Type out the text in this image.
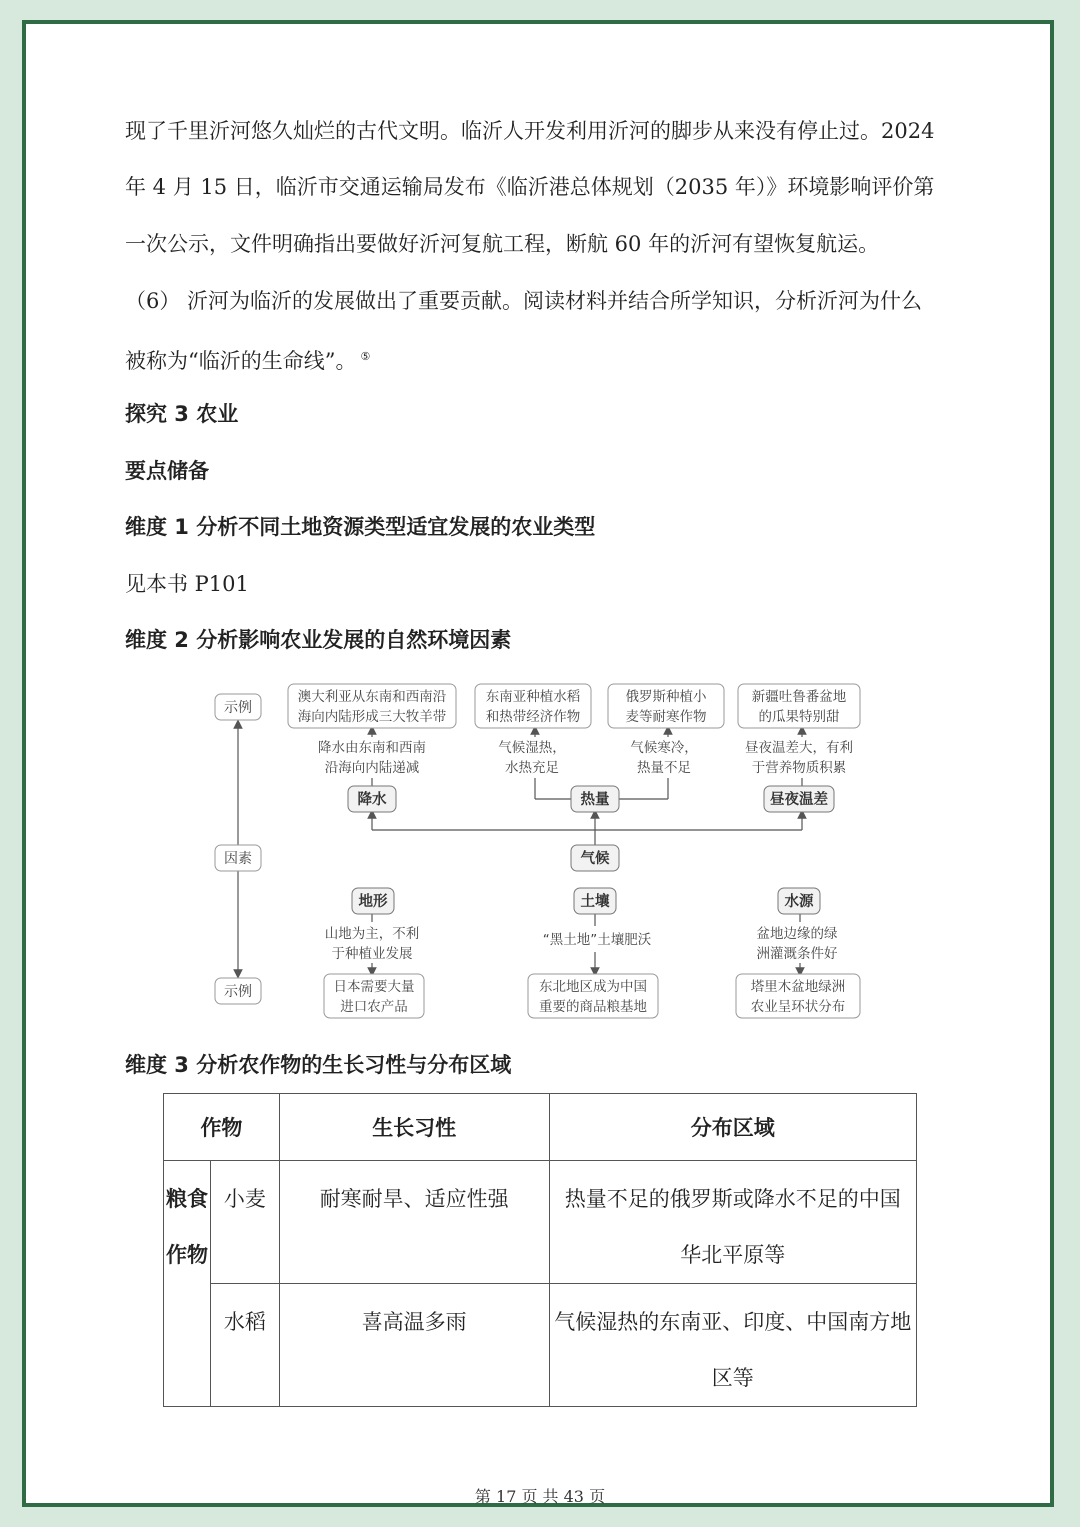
现了千里沂河悠久灿烂的古代文明。临沂人开发利用沂河的脚步从来没有停止过。2024
年 4 月 15 日，临沂市交通运输局发布《临沂港总体规划（2035 年）》环境影响评价第
一次公示，文件明确指出要做好沂河复航工程，断航 60 年的沂河有望恢复航运。
（6） 沂河为临沂的发展做出了重要贡献。阅读材料并结合所学知识，分析沂河为什么
被称为“临沂的生命线”。 ⑤
探究 3 农业
要点储备
维度 1 分析不同土地资源类型适宜发展的农业类型
见本书 P101
维度 2 分析影响农业发展的自然环境因素
示例
因素
示例
澳大利亚从东南和西南沿
海向内陆形成三大牧羊带
东南亚种植水稻
和热带经济作物
俄罗斯种植小
麦等耐寒作物
新疆吐鲁番盆地
的瓜果特别甜
降水由东南和西南
沿海向内陆递减
气候湿热，
水热充足
气候寒冷，
热量不足
昼夜温差大，有利
于营养物质积累
降水	热量	昼夜温差
气候
地形	土壤	水源
山地为主，不利
于种植业发展
“黑土地”土壤肥沃	盆地边缘的绿
洲灌溉条件好
日本需要大量
进口农产品
东北地区成为中国
重要的商品粮基地
塔里木盆地绿洲
农业呈环状分布
维度 3 分析农作物的生长习性与分布区域
作物		生长习性	分布区域

粮食
作物	小麦	耐寒耐旱、适应性强	热量不足的俄罗斯或降水不足的中国
华北平原等

	水稻	喜高温多雨	气候湿热的东南亚、印度、中国南方地
区等
第 17 页 共 43 页
